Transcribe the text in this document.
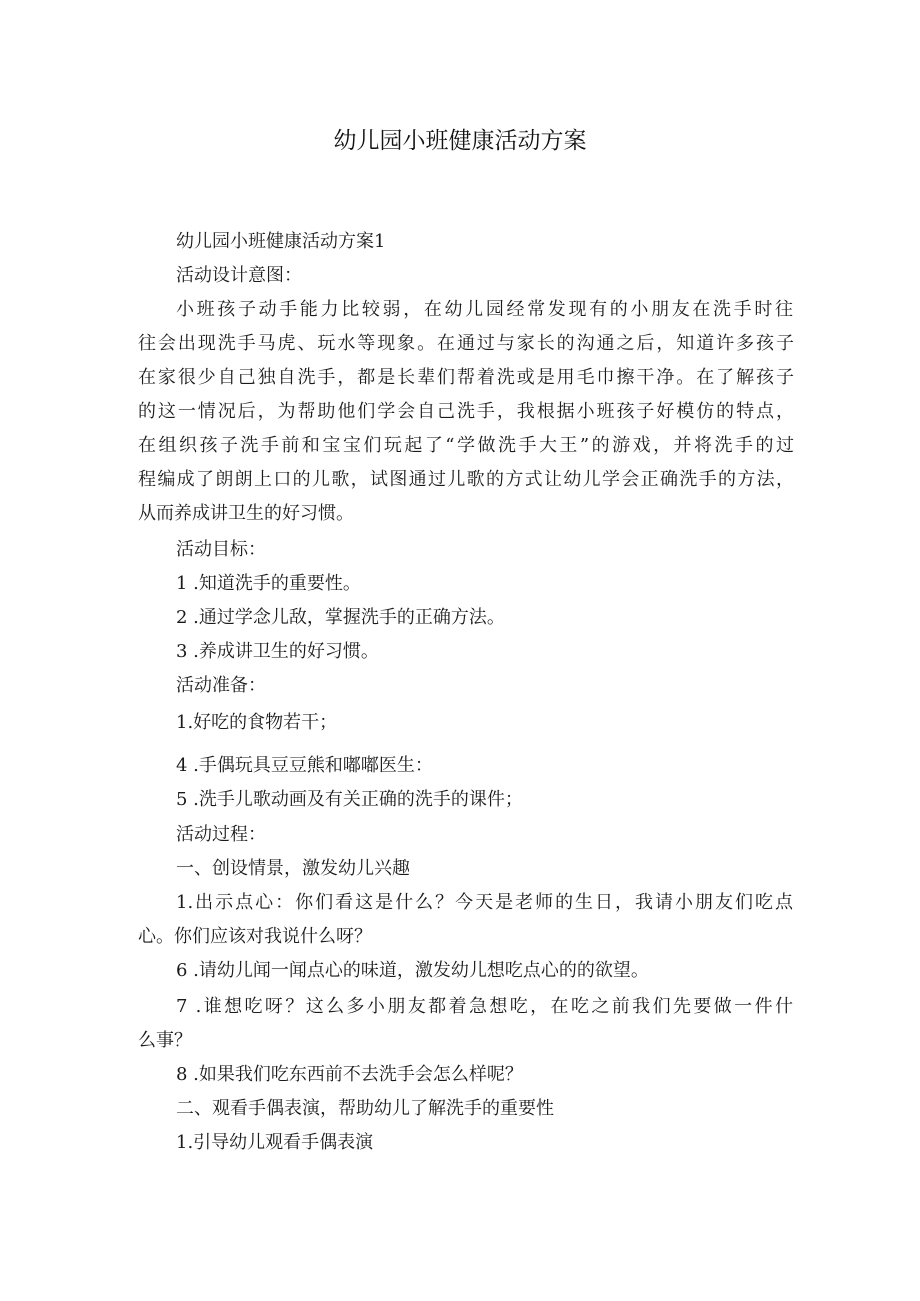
幼儿园小班健康活动方案

幼儿园小班健康活动方案1

活动设计意图：

小班孩子动手能力比较弱，在幼儿园经常发现有的小朋友在洗手时往

往会出现洗手马虎、玩水等现象。在通过与家长的沟通之后，知道许多孩子

在家很少自己独自洗手，都是长辈们帮着洗或是用毛巾擦干净。在了解孩子

的这一情况后，为帮助他们学会自己洗手，我根据小班孩子好模仿的特点，

在组织孩子洗手前和宝宝们玩起了“学做洗手大王”的游戏，并将洗手的过

程编成了朗朗上口的儿歌，试图通过儿歌的方式让幼儿学会正确洗手的方法，

从而养成讲卫生的好习惯。

活动目标：

1 .知道洗手的重要性。

2 .通过学念儿敌，掌握洗手的正确方法。

3 .养成讲卫生的好习惯。

活动准备：

1.好吃的食物若干；

4 .手偶玩具豆豆熊和嘟嘟医生：

5 .洗手儿歌动画及有关正确的洗手的课件；

活动过程：

一、创设情景，激发幼儿兴趣

1.出示点心：你们看这是什么？今天是老师的生日，我请小朋友们吃点

心。你们应该对我说什么呀？

6 .请幼儿闻一闻点心的味道，激发幼儿想吃点心的的欲望。

7 .谁想吃呀？这么多小朋友都着急想吃，在吃之前我们先要做一件什

么事？

8 .如果我们吃东西前不去洗手会怎么样呢？

二、观看手偶表演，帮助幼儿了解洗手的重要性

1.引导幼儿观看手偶表演
